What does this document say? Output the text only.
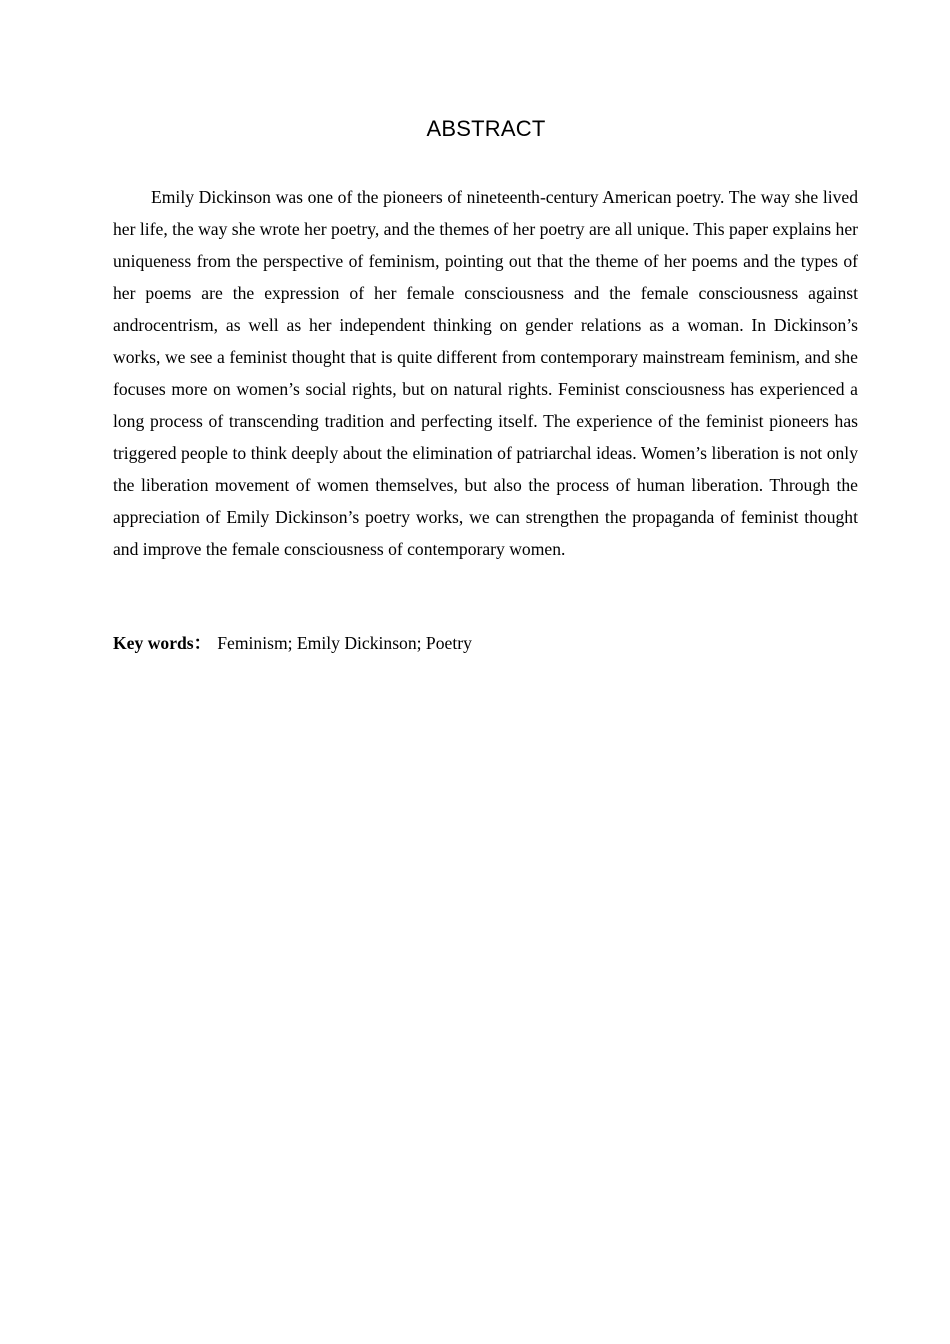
ABSTRACT

Emily Dickinson was one of the pioneers of nineteenth-century American poetry. The way she lived her life, the way she wrote her poetry, and the themes of her poetry are all unique. This paper explains her uniqueness from the perspective of feminism, pointing out that the theme of her poems and the types of her poems are the expression of her female consciousness and the female consciousness against androcentrism, as well as her independent thinking on gender relations as a woman. In Dickinson’s works, we see a feminist thought that is quite different from contemporary mainstream feminism, and she focuses more on women’s social rights, but on natural rights. Feminist consciousness has experienced a long process of transcending tradition and perfecting itself. The experience of the feminist pioneers has triggered people to think deeply about the elimination of patriarchal ideas. Women’s liberation is not only the liberation movement of women themselves, but also the process of human liberation. Through the appreciation of Emily Dickinson’s poetry works, we can strengthen the propaganda of feminist thought and improve the female consciousness of contemporary women.

Key words： Feminism; Emily Dickinson; Poetry
